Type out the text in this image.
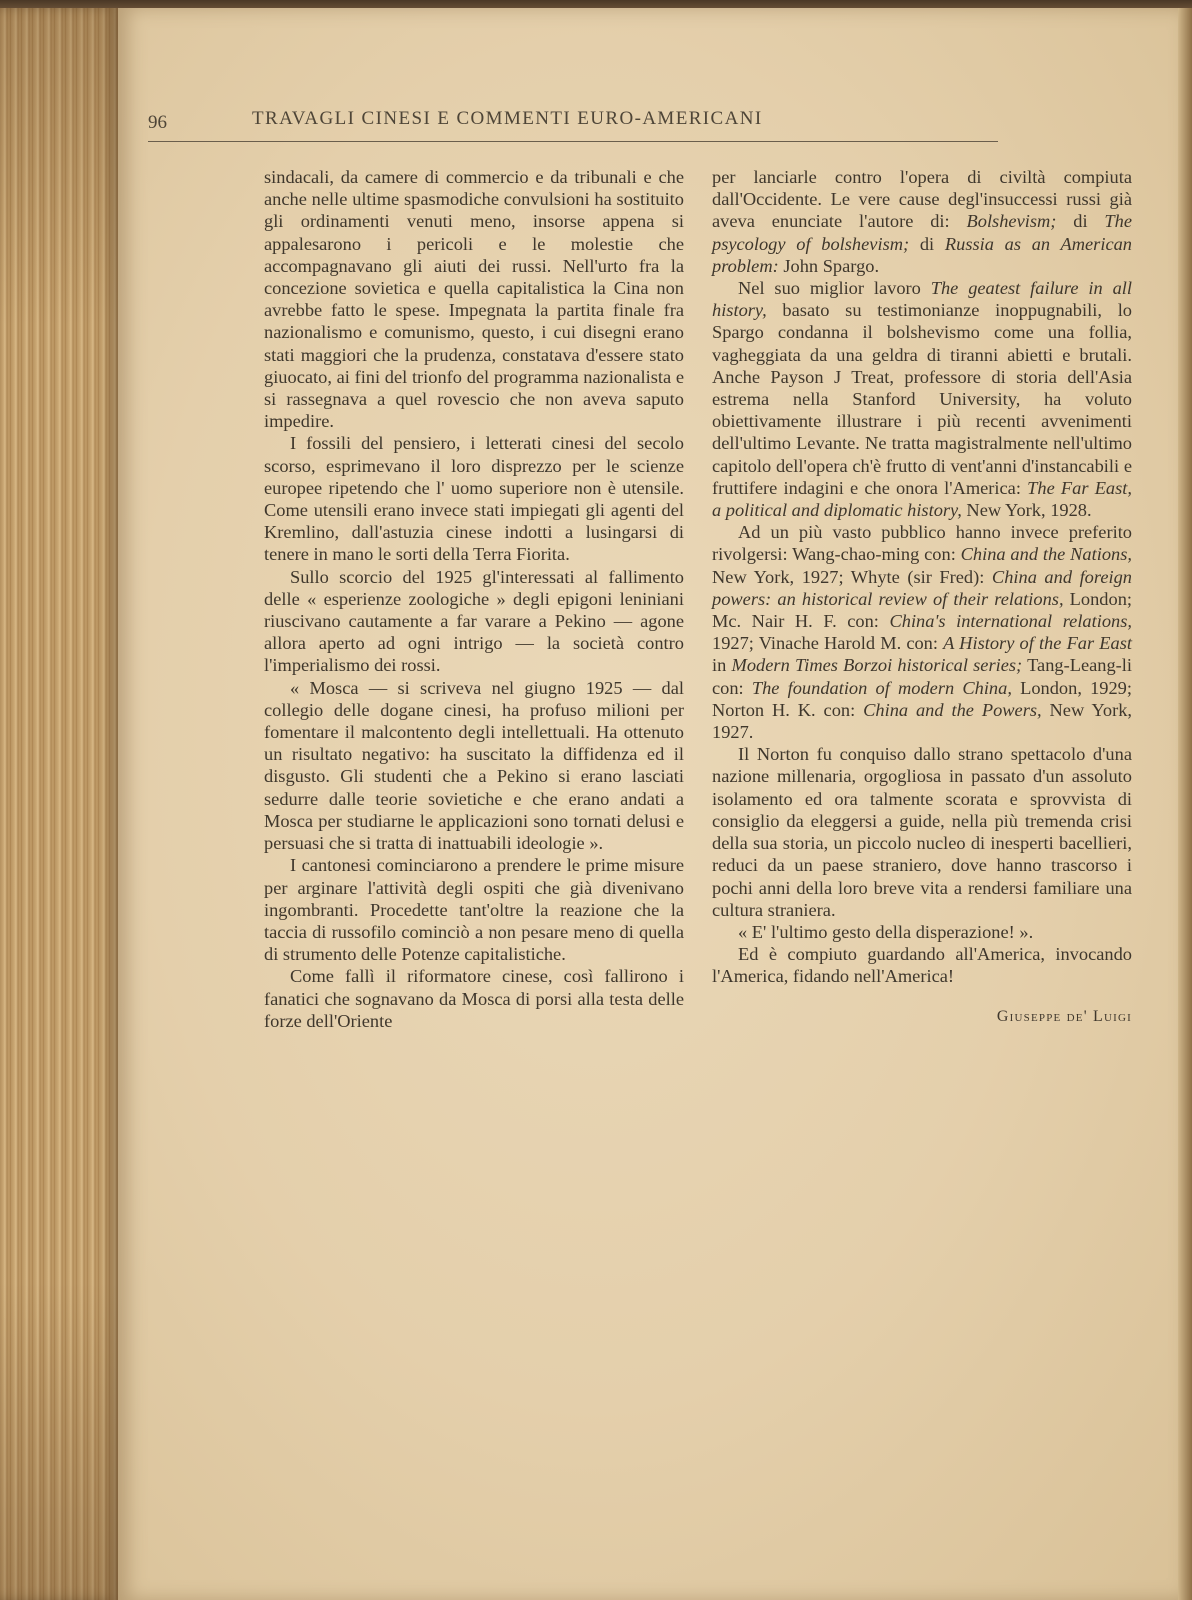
96	TRAVAGLI CINESI E COMMENTI EURO-AMERICANI

sindacali, da camere di commercio e da tribunali e che anche nelle ultime spasmodiche convulsioni ha sostituito gli ordinamenti venuti meno, insorse appena si appalesarono i pericoli e le molestie che accompagnavano gli aiuti dei russi. Nell'urto fra la concezione sovietica e quella capitalistica la Cina non avrebbe fatto le spese. Impegnata la partita finale fra nazionalismo e comunismo, questo, i cui disegni erano stati maggiori che la prudenza, constatava d'essere stato giuocato, ai fini del trionfo del programma nazionalista e si rassegnava a quel rovescio che non aveva saputo impedire.

I fossili del pensiero, i letterati cinesi del secolo scorso, esprimevano il loro disprezzo per le scienze europee ripetendo che l' uomo superiore non è utensile. Come utensili erano invece stati impiegati gli agenti del Kremlino, dall'astuzia cinese indotti a lusingarsi di tenere in mano le sorti della Terra Fiorita.

Sullo scorcio del 1925 gl'interessati al fallimento delle « esperienze zoologiche » degli epigoni leniniani riuscivano cautamente a far varare a Pekino — agone allora aperto ad ogni intrigo — la società contro l'imperialismo dei rossi.

« Mosca — si scriveva nel giugno 1925 — dal collegio delle dogane cinesi, ha profuso milioni per fomentare il malcontento degli intellettuali. Ha ottenuto un risultato negativo: ha suscitato la diffidenza ed il disgusto. Gli studenti che a Pekino si erano lasciati sedurre dalle teorie sovietiche e che erano andati a Mosca per studiarne le applicazioni sono tornati delusi e persuasi che si tratta di inattuabili ideologie ».

I cantonesi cominciarono a prendere le prime misure per arginare l'attività degli ospiti che già divenivano ingombranti. Procedette tant'oltre la reazione che la taccia di russofilo cominciò a non pesare meno di quella di strumento delle Potenze capitalistiche.

Come fallì il riformatore cinese, così fallirono i fanatici che sognavano da Mosca di porsi alla testa delle forze dell'Oriente

per lanciarle contro l'opera di civiltà compiuta dall'Occidente. Le vere cause degl'insuccessi russi già aveva enunciate l'autore di: Bolshevism; di The psycology of bolshevism; di Russia as an American problem: John Spargo.

Nel suo miglior lavoro The geatest failure in all history, basato su testimonianze inoppugnabili, lo Spargo condanna il bolshevismo come una follia, vagheggiata da una geldra di tiranni abietti e brutali. Anche Payson J Treat, professore di storia dell'Asia estrema nella Stanford University, ha voluto obiettivamente illustrare i più recenti avvenimenti dell'ultimo Levante. Ne tratta magistralmente nell'ultimo capitolo dell'opera ch'è frutto di vent'anni d'instancabili e fruttifere indagini e che onora l'America: The Far East, a political and diplomatic history, New York, 1928.

Ad un più vasto pubblico hanno invece preferito rivolgersi: Wang-chao-ming con: China and the Nations, New York, 1927; Whyte (sir Fred): China and foreign powers: an historical review of their relations, London; Mc. Nair H. F. con: China's international relations, 1927; Vinache Harold M. con: A History of the Far East in Modern Times Borzoi historical series; Tang-Leang-li con: The foundation of modern China, London, 1929; Norton H. K. con: China and the Powers, New York, 1927.

Il Norton fu conquiso dallo strano spettacolo d'una nazione millenaria, orgogliosa in passato d'un assoluto isolamento ed ora talmente scorata e sprovvista di consiglio da eleggersi a guide, nella più tremenda crisi della sua storia, un piccolo nucleo di inesperti bacellieri, reduci da un paese straniero, dove hanno trascorso i pochi anni della loro breve vita a rendersi familiare una cultura straniera.

« E' l'ultimo gesto della disperazione! ».

Ed è compiuto guardando all'America, invocando l'America, fidando nell'America!

Giuseppe de' Luigi
